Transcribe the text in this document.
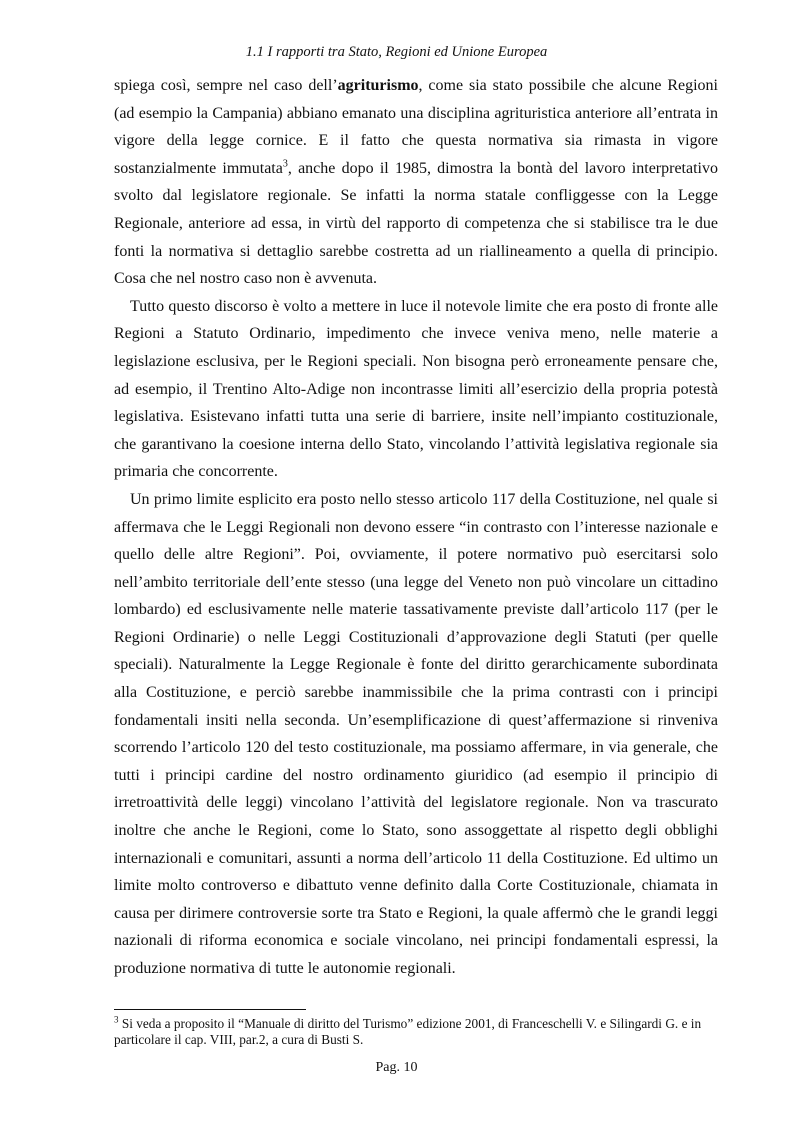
1.1 I rapporti tra Stato, Regioni ed Unione Europea

spiega così, sempre nel caso dell’agriturismo, come sia stato possibile che alcune Regioni
(ad esempio la Campania) abbiano emanato una disciplina agrituristica anteriore all’entrata in
vigore della legge cornice. E il fatto che questa normativa sia rimasta in vigore
sostanzialmente immutata$^3$, anche dopo il 1985, dimostra la bontà del lavoro interpretativo
svolto dal legislatore regionale. Se infatti la norma statale confliggesse con la Legge
Regionale, anteriore ad essa, in virtù del rapporto di competenza che si stabilisce tra le due
fonti la normativa si dettaglio sarebbe costretta ad un riallineamento a quella di principio.
Cosa che nel nostro caso non è avvenuta.

Tutto questo discorso è volto a mettere in luce il notevole limite che era posto di fronte alle
Regioni a Statuto Ordinario, impedimento che invece veniva meno, nelle materie a
legislazione esclusiva, per le Regioni speciali. Non bisogna però erroneamente pensare che,
ad esempio, il Trentino Alto-Adige non incontrasse limiti all’esercizio della propria potestà
legislativa. Esistevano infatti tutta una serie di barriere, insite nell’impianto costituzionale,
che garantivano la coesione interna dello Stato, vincolando l’attività legislativa regionale sia
primaria che concorrente.

Un primo limite esplicito era posto nello stesso articolo 117 della Costituzione, nel quale si
affermava che le Leggi Regionali non devono essere “in contrasto con l’interesse nazionale e
quello delle altre Regioni”. Poi, ovviamente, il potere normativo può esercitarsi solo
nell’ambito territoriale dell’ente stesso (una legge del Veneto non può vincolare un cittadino
lombardo) ed esclusivamente nelle materie tassativamente previste dall’articolo 117 (per le
Regioni Ordinarie) o nelle Leggi Costituzionali d’approvazione degli Statuti (per quelle
speciali). Naturalmente la Legge Regionale è fonte del diritto gerarchicamente subordinata
alla Costituzione, e perciò sarebbe inammissibile che la prima contrasti con i principi
fondamentali insiti nella seconda. Un’esemplificazione di quest’affermazione si rinveniva
scorrendo l’articolo 120 del testo costituzionale, ma possiamo affermare, in via generale, che
tutti i principi cardine del nostro ordinamento giuridico (ad esempio il principio di
irretroattività delle leggi) vincolano l’attività del legislatore regionale. Non va trascurato
inoltre che anche le Regioni, come lo Stato, sono assoggettate al rispetto degli obblighi
internazionali e comunitari, assunti a norma dell’articolo 11 della Costituzione. Ed ultimo un
limite molto controverso e dibattuto venne definito dalla Corte Costituzionale, chiamata in
causa per dirimere controversie sorte tra Stato e Regioni, la quale affermò che le grandi leggi
nazionali di riforma economica e sociale vincolano, nei principi fondamentali espressi, la
produzione normativa di tutte le autonomie regionali.

$^3$ Si veda a proposito il “Manuale di diritto del Turismo” edizione 2001, di Franceschelli V. e Silingardi G. e in particolare il cap. VIII, par.2, a cura di Busti S.
Pag. 10
